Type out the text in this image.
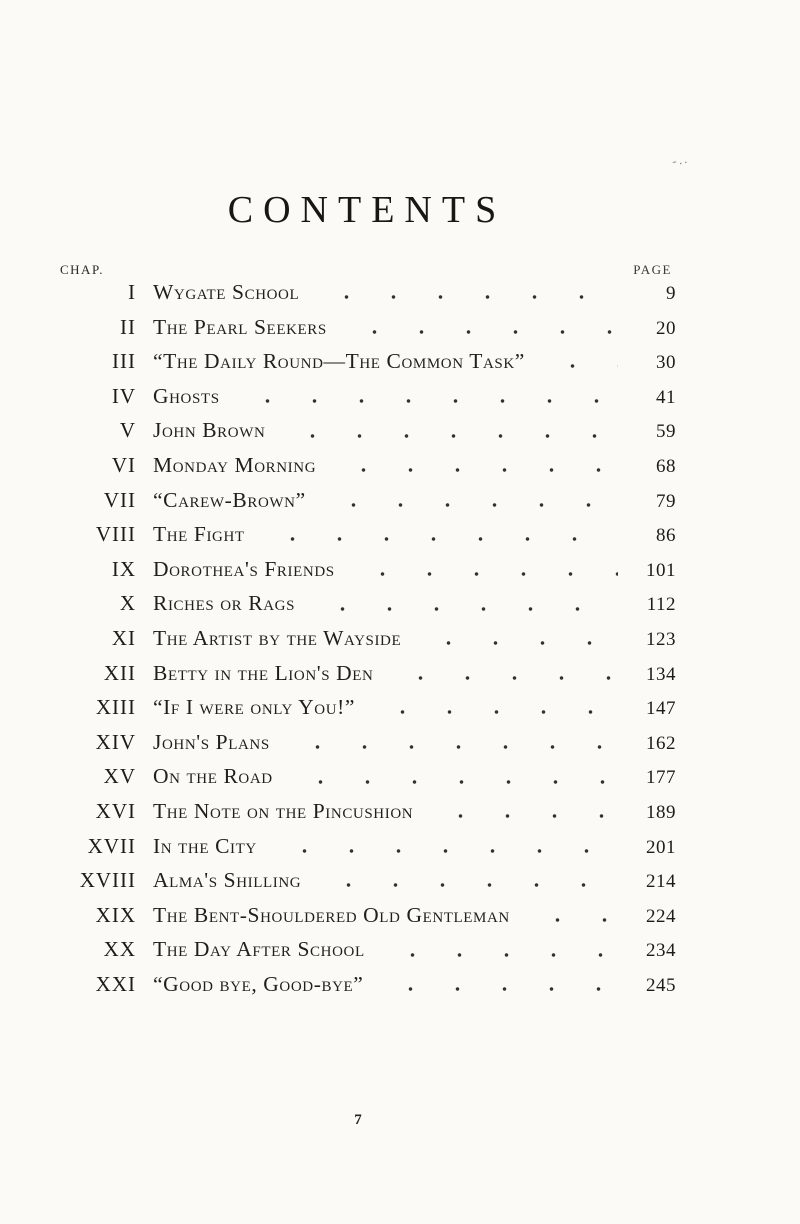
-..
CONTENTS
CHAP.	PAGE
I Wygate School	9
II The Pearl Seekers	20
III “The Daily Round—The Common Task”	30
IV Ghosts	41
V John Brown	59
VI Monday Morning	68
VII “Carew-Brown”	79
VIII The Fight	86
IX Dorothea's Friends	101
X Riches or Rags	112
XI The Artist by the Wayside	123
XII Betty in the Lion's Den	134
XIII “If I were only You!”	147
XIV John's Plans	162
XV On the Road	177
XVI The Note on the Pincushion	189
XVII In the City	201
XVIII Alma's Shilling	214
XIX The Bent-Shouldered Old Gentleman	224
XX The Day After School	234
XXI “Good bye, Good-bye”	245
7
